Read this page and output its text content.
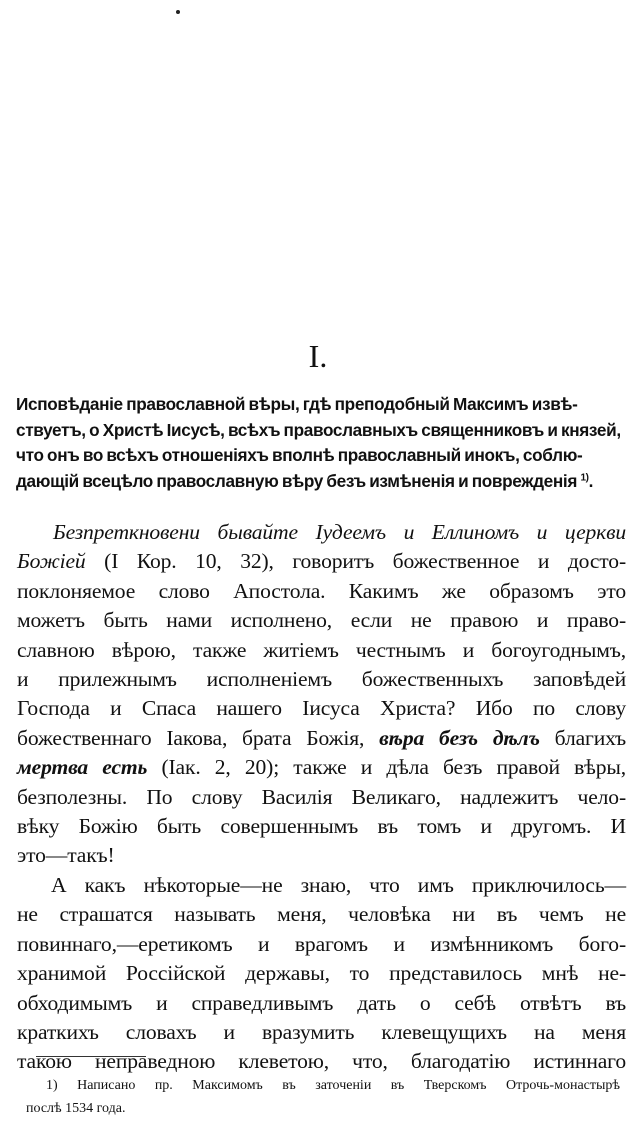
I.
Исповѣданіе православной вѣры, гдѣ преподобный Максимъ извѣ-
ствуетъ, о Христѣ Іисусѣ, всѣхъ православныхъ священниковъ и князей,
что онъ во всѣхъ отношеніяхъ вполнѣ православный инокъ, соблю-
дающій всецѣло православную вѣру безъ измѣненія и поврежденія $^{1)}$.
Безпреткновени бывайте Іудеемъ и Еллиномъ и церкви
Божіей (I Кор. 10, 32), говоритъ божественное и досто-
поклоняемое слово Апостола. Какимъ же образомъ это
можетъ быть нами исполнено, если не правою и право-
славною вѣрою, также житіемъ честнымъ и богоугоднымъ,
и прилежнымъ исполненіемъ божественныхъ заповѣдей
Господа и Спаса нашего Іисуса Христа? Ибо по слову
божественнаго Іакова, брата Божія, вѣра безъ дѣлъ благихъ
мертва есть (Iак. 2, 20); также и дѣла безъ правой вѣры,
безполезны. По слову Василія Великаго, надлежитъ чело-
вѣку Божію быть совершеннымъ въ томъ и другомъ. И
это—такъ!
А какъ нѣкоторые—не знаю, что имъ приключилось—
не страшатся называть меня, человѣка ни въ чемъ не
повиннаго,—еретикомъ и врагомъ и измѣнникомъ бого-
хранимой Россійской державы, то представилось мнѣ не-
обходимымъ и справедливымъ дать о себѣ отвѣтъ въ
краткихъ словахъ и вразумить клевещущихъ на меня
такою неправедною клеветою, что, благодатію истиннаго
1) Написано пр. Максимомъ въ заточеніи въ Тверскомъ Отрочь-монастырѣ
послѣ 1534 года.
